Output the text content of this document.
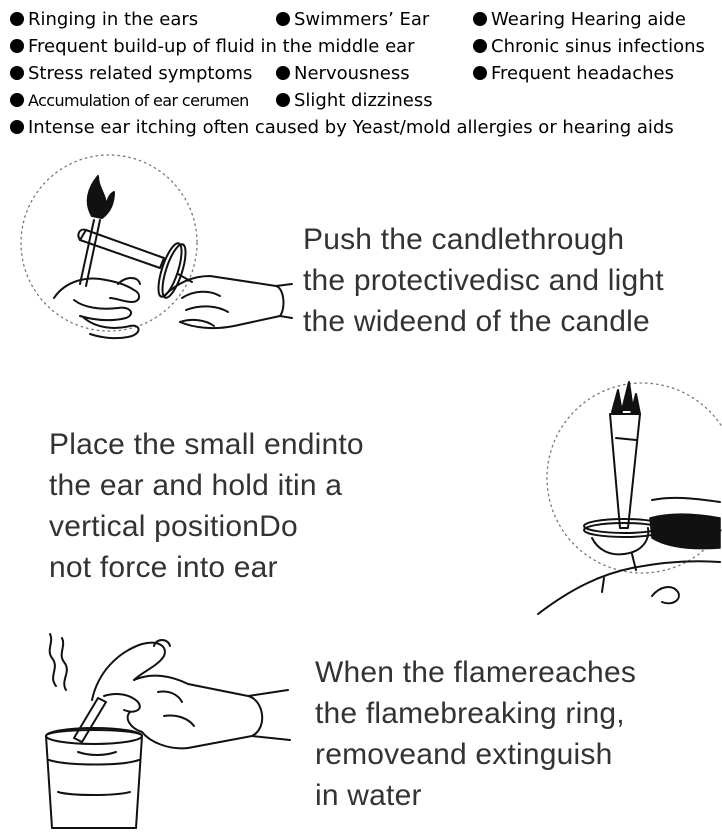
Ringing in the ears	Swimmers’ Ear	Wearing Hearing aide
Frequent build-up of fluid in the middle ear	Chronic sinus infections
Stress related symptoms	Nervousness	Frequent headaches
Accumulation of ear cerumen	Slight dizziness
Intense ear itching often caused by Yeast/mold allergies or hearing aids
Push the candlethrough
the protectivedisc and light
the wideend of the candle
Place the small endinto
the ear and hold itin a
vertical positionDo
not force into ear
When the flamereaches
the flamebreaking ring,
removeand extinguish
in water
